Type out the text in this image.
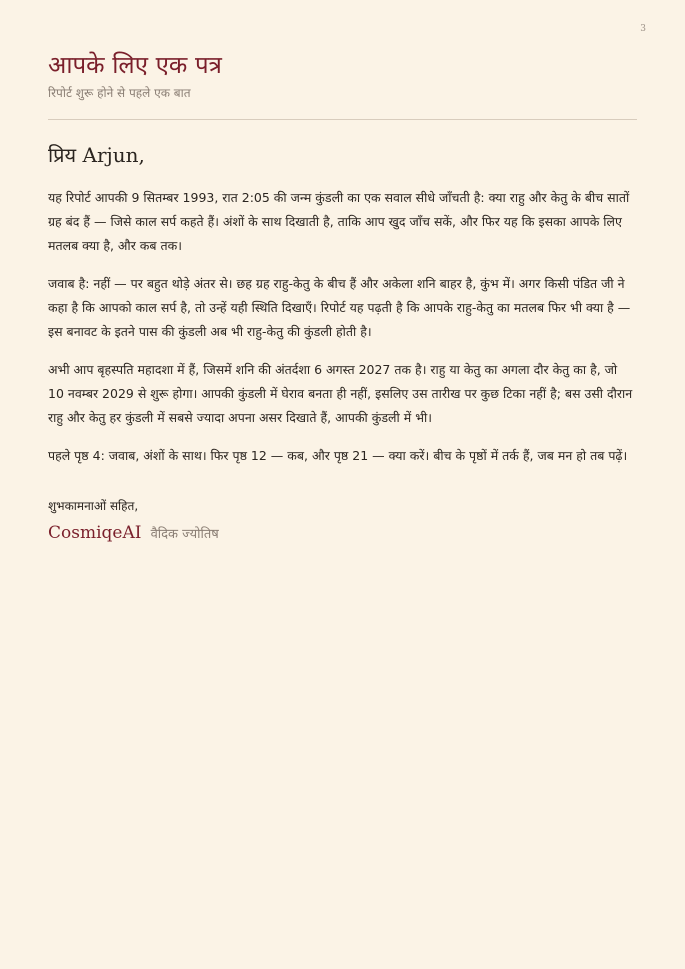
3
आपके लिए एक पत्र
रिपोर्ट शुरू होने से पहले एक बात

प्रिय Arjun,

यह रिपोर्ट आपकी 9 सितम्बर 1993, रात 2:05 की जन्म कुंडली का एक सवाल सीधे जाँचती है: क्या राहु और केतु के बीच सातों ग्रह बंद हैं — जिसे काल सर्प कहते हैं। अंशों के साथ दिखाती है, ताकि आप खुद जाँच सकें, और फिर यह कि इसका आपके लिए मतलब क्या है, और कब तक।

जवाब है: नहीं — पर बहुत थोड़े अंतर से। छह ग्रह राहु-केतु के बीच हैं और अकेला शनि बाहर है, कुंभ में। अगर किसी पंडित जी ने कहा है कि आपको काल सर्प है, तो उन्हें यही स्थिति दिखाएँ। रिपोर्ट यह पढ़ती है कि आपके राहु-केतु का मतलब फिर भी क्या है — इस बनावट के इतने पास की कुंडली अब भी राहु-केतु की कुंडली होती है।

अभी आप बृहस्पति महादशा में हैं, जिसमें शनि की अंतर्दशा 6 अगस्त 2027 तक है। राहु या केतु का अगला दौर केतु का है, जो 10 नवम्बर 2029 से शुरू होगा। आपकी कुंडली में घेराव बनता ही नहीं, इसलिए उस तारीख पर कुछ टिका नहीं है; बस उसी दौरान राहु और केतु हर कुंडली में सबसे ज्यादा अपना असर दिखाते हैं, आपकी कुंडली में भी।

पहले पृष्ठ 4: जवाब, अंशों के साथ। फिर पृष्ठ 12 — कब, और पृष्ठ 21 — क्या करें। बीच के पृष्ठों में तर्क हैं, जब मन हो तब पढ़ें।

शुभकामनाओं सहित,
CosmiqeAI वैदिक ज्योतिष
